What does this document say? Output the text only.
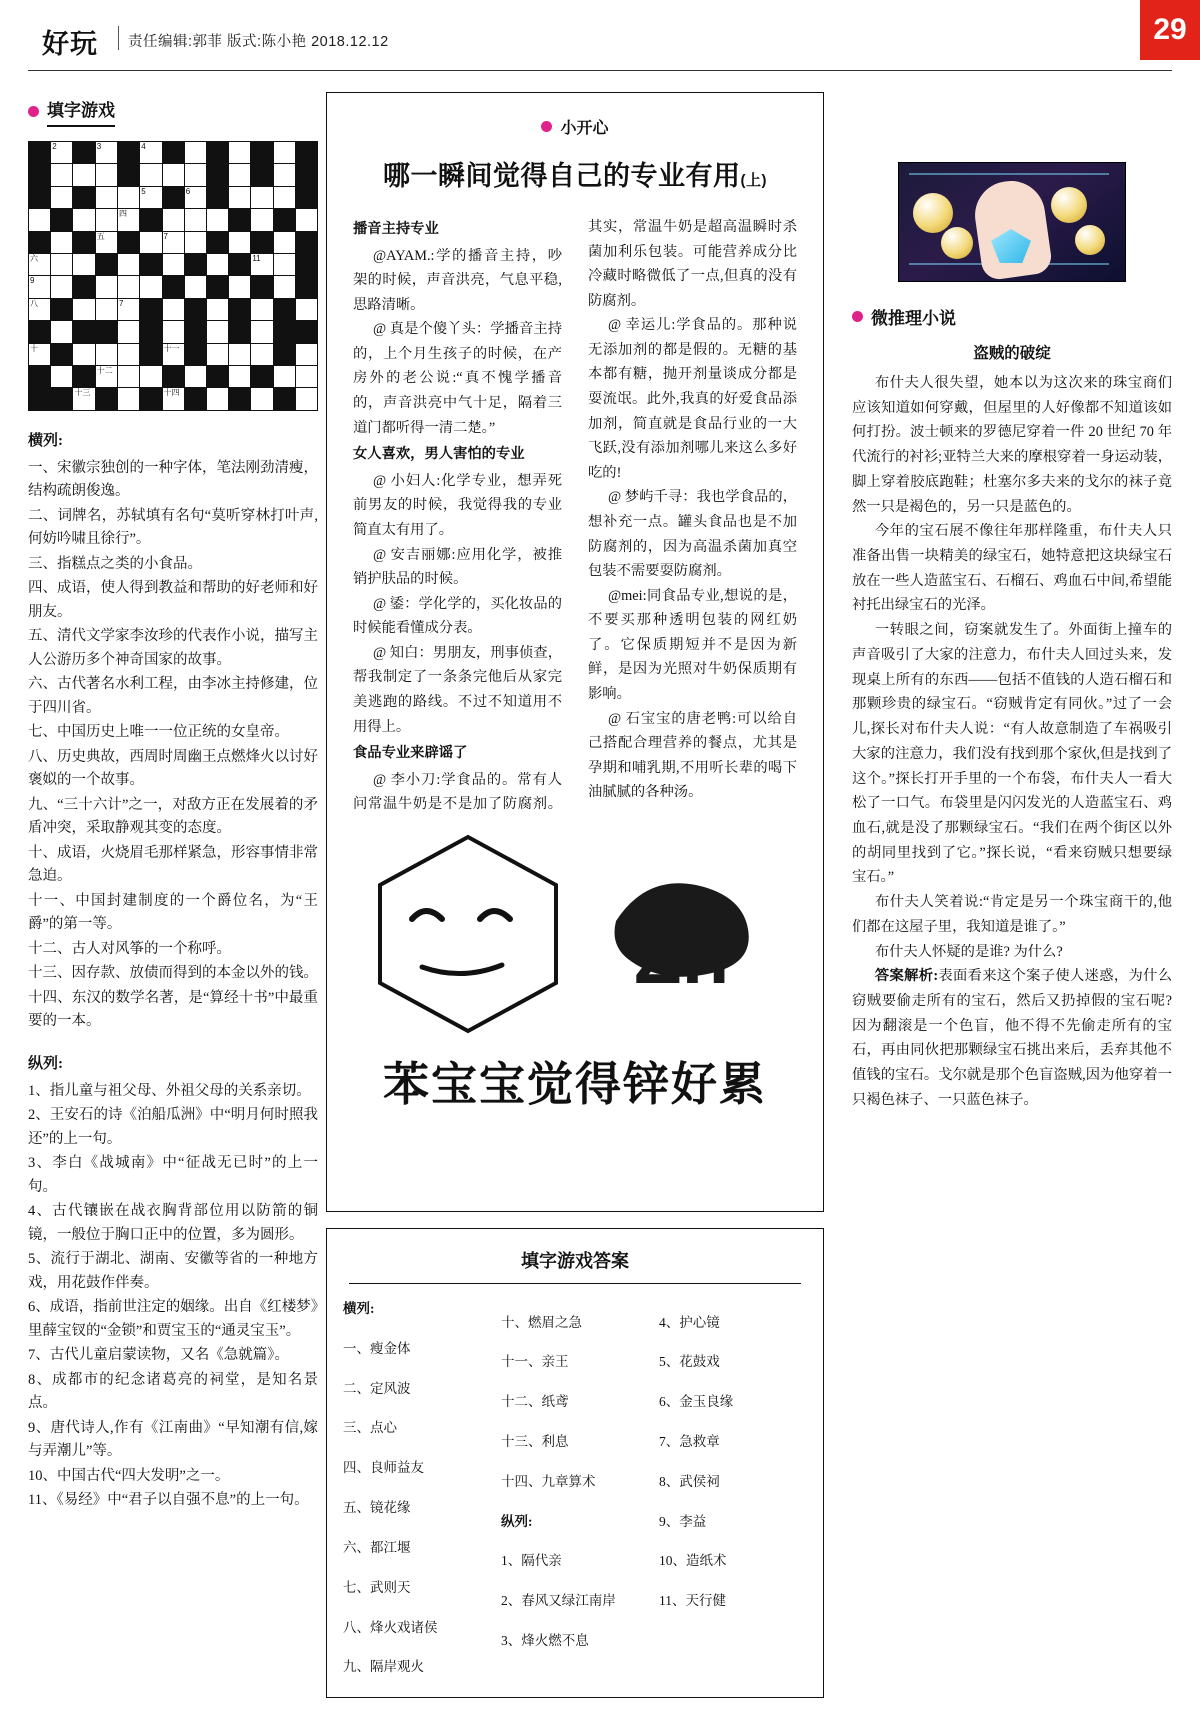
好玩 责任编辑:郭菲 版式:陈小艳 2018.12.12	29
填字游戏

	2		3		4							

					5		6					

				四								

			五			7						

六										11		

9												

八				7								

十						十一						

			十二									

		十三				十四						

横列:

一、宋徽宗独创的一种字体，笔法刚劲清瘦，结构疏朗俊逸。

二、词牌名，苏轼填有名句“莫听穿林打叶声,何妨吟啸且徐行”。

三、指糕点之类的小食品。

四、成语，使人得到教益和帮助的好老师和好朋友。

五、清代文学家李汝珍的代表作小说，描写主人公游历多个神奇国家的故事。

六、古代著名水利工程，由李冰主持修建，位于四川省。

七、中国历史上唯一一位正统的女皇帝。

八、历史典故，西周时周幽王点燃烽火以讨好褒姒的一个故事。

九、“三十六计”之一，对敌方正在发展着的矛盾冲突，采取静观其变的态度。

十、成语，火烧眉毛那样紧急，形容事情非常急迫。

十一、中国封建制度的一个爵位名，为“王爵”的第一等。

十二、古人对风筝的一个称呼。

十三、因存款、放债而得到的本金以外的钱。

十四、东汉的数学名著，是“算经十书”中最重要的一本。

纵列:

1、指儿童与祖父母、外祖父母的关系亲切。

2、王安石的诗《泊船瓜洲》中“明月何时照我还”的上一句。

3、李白《战城南》中“征战无已时”的上一句。

4、古代镶嵌在战衣胸背部位用以防箭的铜镜，一般位于胸口正中的位置，多为圆形。

5、流行于湖北、湖南、安徽等省的一种地方戏，用花鼓作伴奏。

6、成语，指前世注定的姻缘。出自《红楼梦》里薛宝钗的“金锁”和贾宝玉的“通灵宝玉”。

7、古代儿童启蒙读物，又名《急就篇》。

8、成都市的纪念诸葛亮的祠堂，是知名景点。

9、唐代诗人,作有《江南曲》“早知潮有信,嫁与弄潮儿”等。

10、中国古代“四大发明”之一。

11、《易经》中“君子以自强不息”的上一句。

小开心
哪一瞬间觉得自己的专业有用(上)

播音主持专业

@AYAM.:学的播音主持，吵架的时候，声音洪亮，气息平稳,思路清晰。

@ 真是个傻丫头：学播音主持的，上个月生孩子的时候，在产房外的老公说:“真不愧学播音的，声音洪亮中气十足，隔着三道门都听得一清二楚。”

女人喜欢，男人害怕的专业

@ 小妇人:化学专业，想弄死前男友的时候，我觉得我的专业简直太有用了。

@ 安吉丽娜:应用化学，被推销护肤品的时候。

@ 鋈：学化学的，买化妆品的时候能看懂成分表。

@ 知白：男朋友，刑事侦查，帮我制定了一条条完他后从家完美逃跑的路线。不过不知道用不用得上。

食品专业来辟谣了

@ 李小刀:学食品的。常有人问常温牛奶是不是加了防腐剂。其实，常温牛奶是超高温瞬时杀菌加利乐包装。可能营养成分比冷藏时略微低了一点,但真的没有防腐剂。

@ 幸运儿:学食品的。那种说无添加剂的都是假的。无糖的基本都有糖，抛开剂量谈成分都是耍流氓。此外,我真的好爱食品添加剂，简直就是食品行业的一大飞跃,没有添加剂哪儿来这么多好吃的!

@ 梦屿千寻：我也学食品的，想补充一点。罐头食品也是不加防腐剂的，因为高温杀菌加真空包装不需要耍防腐剂。

@mei:同食品专业,想说的是，不要买那种透明包装的网红奶了。它保质期短并不是因为新鲜，是因为光照对牛奶保质期有影响。

@ 石宝宝的唐老鸭:可以给自己搭配合理营养的餐点，尤其是孕期和哺乳期,不用听长辈的喝下油腻腻的各种汤。

Zn
苯宝宝觉得锌好累
填字游戏答案
横列:

一、瘦金体

二、定风波

三、点心

四、良师益友

五、镜花缘

六、都江堰

七、武则天

八、烽火戏诸侯

九、隔岸观火

十、燃眉之急

十一、亲王

十二、纸鸢

十三、利息

十四、九章算术

纵列:

1、隔代亲

2、春风又绿江南岸

3、烽火燃不息

4、护心镜

5、花鼓戏

6、金玉良缘

7、急救章

8、武侯祠

9、李益

10、造纸术

11、天行健

微推理小说
盗贼的破绽

布什夫人很失望，她本以为这次来的珠宝商们应该知道如何穿戴，但屋里的人好像都不知道该如何打扮。波士顿来的罗德尼穿着一件 20 世纪 70 年代流行的衬衫;亚特兰大来的摩根穿着一身运动装，脚上穿着胶底跑鞋；杜塞尔多夫来的戈尔的袜子竟然一只是褐色的，另一只是蓝色的。

今年的宝石展不像往年那样隆重，布什夫人只准备出售一块精美的绿宝石，她特意把这块绿宝石放在一些人造蓝宝石、石榴石、鸡血石中间,希望能衬托出绿宝石的光泽。

一转眼之间，窃案就发生了。外面街上撞车的声音吸引了大家的注意力，布什夫人回过头来，发现桌上所有的东西——包括不值钱的人造石榴石和那颗珍贵的绿宝石。“窃贼肯定有同伙。”过了一会儿,探长对布什夫人说：“有人故意制造了车祸吸引大家的注意力，我们没有找到那个家伙,但是找到了这个。”探长打开手里的一个布袋，布什夫人一看大松了一口气。布袋里是闪闪发光的人造蓝宝石、鸡血石,就是没了那颗绿宝石。“我们在两个街区以外的胡同里找到了它。”探长说，“看来窃贼只想要绿宝石。”

布什夫人笑着说:“肯定是另一个珠宝商干的,他们都在这屋子里，我知道是谁了。”

布什夫人怀疑的是谁? 为什么?

答案解析:表面看来这个案子使人迷惑，为什么窃贼要偷走所有的宝石，然后又扔掉假的宝石呢?因为翻滚是一个色盲，他不得不先偷走所有的宝石，再由同伙把那颗绿宝石挑出来后，丢弃其他不值钱的宝石。戈尔就是那个色盲盗贼,因为他穿着一只褐色袜子、一只蓝色袜子。
